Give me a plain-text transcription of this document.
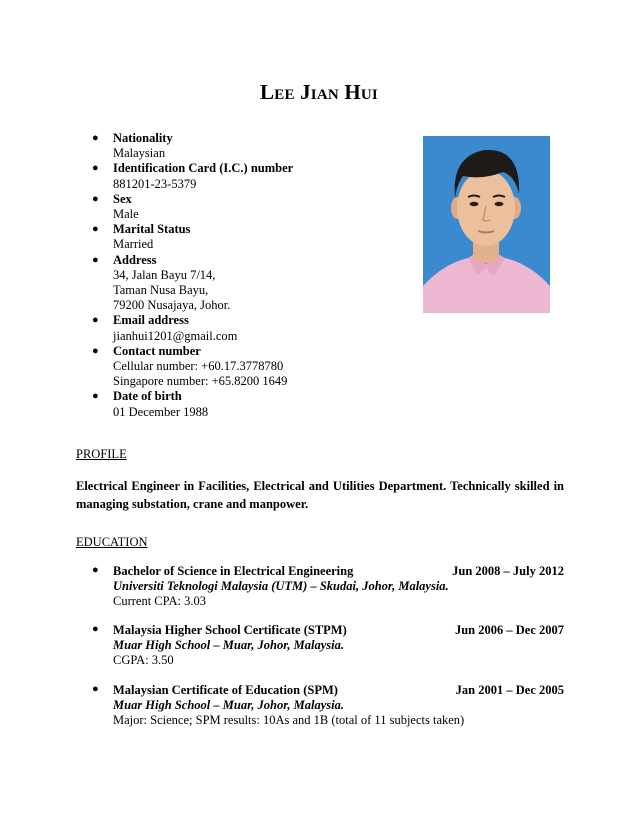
Lee Jian Hui
● Nationality
Malaysian
● Identification Card (I.C.) number
881201-23-5379
● Sex
Male
● Marital Status
Married
● Address
34, Jalan Bayu 7/14,
Taman Nusa Bayu,
79200 Nusajaya, Johor.
● Email address
jianhui1201@gmail.com
● Contact number
Cellular number: +60.17.3778780
Singapore number: +65.8200 1649
● Date of birth
01 December 1988
PROFILE
Electrical Engineer in Facilities, Electrical and Utilities Department. Technically skilled in managing substation, crane and manpower.
EDUCATION
● Bachelor of Science in Electrical Engineering	Jun 2008 – July 2012
Universiti Teknologi Malaysia (UTM) – Skudai, Johor, Malaysia.
Current CPA: 3.03
● Malaysia Higher School Certificate (STPM)	Jun 2006 – Dec 2007
Muar High School – Muar, Johor, Malaysia.
CGPA: 3.50
● Malaysian Certificate of Education (SPM)	Jan 2001 – Dec 2005
Muar High School – Muar, Johor, Malaysia.
Major: Science; SPM results: 10As and 1B (total of 11 subjects taken)
